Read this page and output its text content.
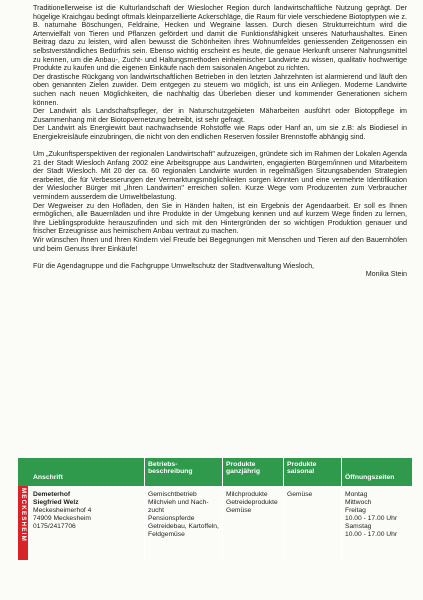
Traditionellerweise ist die Kulturlandschaft der Wieslocher Region durch landwirtschaftliche Nutzung geprägt. Der hügelige Kraichgau bedingt oftmals kleinparzellierte Ackerschläge, die Raum für viele verschiedene Biotoptypen wie z. B. naturnahe Böschungen, Feldraine, Hecken und Wegraine lassen. Durch diesen Strukturreichtum wird die Artenvielfalt von Tieren und Pflanzen gefördert und damit die Funktionsfähigkeit unseres Naturhaushaltes. Einen Beitrag dazu zu leisten, wird allen bewusst die Schönheiten ihres Wohnumfeldes geniessenden Zeitgenossen ein selbstverständliches Bedürfnis sein. Ebenso wichtig erscheint es heute, die genaue Herkunft unserer Nahrungsmittel zu kennen, um die Anbau-, Zucht- und Haltungsmethoden einheimischer Landwirte zu wissen, qualitativ hochwertige Produkte zu kaufen und die eigenen Einkäufe nach dem saisonalen Angebot zu richten.

Der drastische Rückgang von landwirtschaftlichen Betrieben in den letzten Jahrzehnten ist alarmierend und läuft den oben genannten Zielen zuwider. Dem entgegen zu steuern wo möglich, ist uns ein Anliegen. Moderne Landwirte suchen nach neuen Möglichkeiten, die nachhaltig das Überleben dieser und kommender Generationen sichern können.

Der Landwirt als Landschaftspfleger, der in Naturschutzgebieten Mäharbeiten ausführt oder Biotoppflege im Zusammenhang mit der Biotopvernetzung betreibt, ist sehr gefragt.

Der Landwirt als Energiewirt baut nachwachsende Rohstoffe wie Raps oder Hanf an, um sie z.B: als Biodiesel in Energiekreisläufe einzubringen, die nicht von den endlichen Reserven fossiler Brennstoffe abhängig sind.

Um „Zukunftsperspektiven der regionalen Landwirtschaft" aufzuzeigen, gründete sich im Rahmen der Lokalen Agenda 21 der Stadt Wiesloch Anfang 2002 eine Arbeitsgruppe aus Landwirten, engagierten Bürgern/innen und Mitarbeitern der Stadt Wiesloch. Mit 20 der ca. 60 regionalen Landwirte wurden in regelmäßigen Sitzungsabenden Strategien erarbeitet, die für Verbesserungen der Vermarktungsmöglichkeiten sorgen könnten und eine vermehrte Identifikation der Wieslocher Bürger mit „Ihren Landwirten" erreichen sollen. Kurze Wege vom Produzenten zum Verbraucher vermindern ausserdem die Umweltbelastung.

Der Wegweiser zu den Hofläden, den Sie in Händen halten, ist ein Ergebnis der Agendaarbeit. Er soll es Ihnen ermöglichen, alle Bauernläden und ihre Produkte in der Umgebung kennen und auf kurzem Wege finden zu lernen, Ihre Lieblingsprodukte herauszufinden und sich mit den Hintergründen der so wichtigen Produktion genauer und frischer Erzeugnisse aus heimischem Anbau vertraut zu machen.

Wir wünschen Ihnen und Ihren Kindern viel Freude bei Begegnungen mit Menschen und Tieren auf den Bauernhöfen und beim Genuss Ihrer Einkäufe!

Für die Agendagruppe und die Fachgruppe Umweltschutz der Stadtverwaltung Wiesloch,

Monika Stein

Anschrift
Betriebs-
beschreibung
Produkte
ganzjährig
Produkte
saisonal
Öffnungszeiten
MECKESHEIM Demeterhof
Siegfried Welz
Meckesheimerhof 4
74909 Meckesheim
0175/2417706
Gemischtbetrieb
Milchvieh und Nach-
zucht
Pensionspferde
Getreidebau, Kartoffeln,
Feldgemüse
Milchprodukte
Getreideprodukte
Gemüse
Gemüse	Montag
Mittwoch
Freitag
10.00 - 17.00 Uhr
Samstag
10.00 - 17.00 Uhr
